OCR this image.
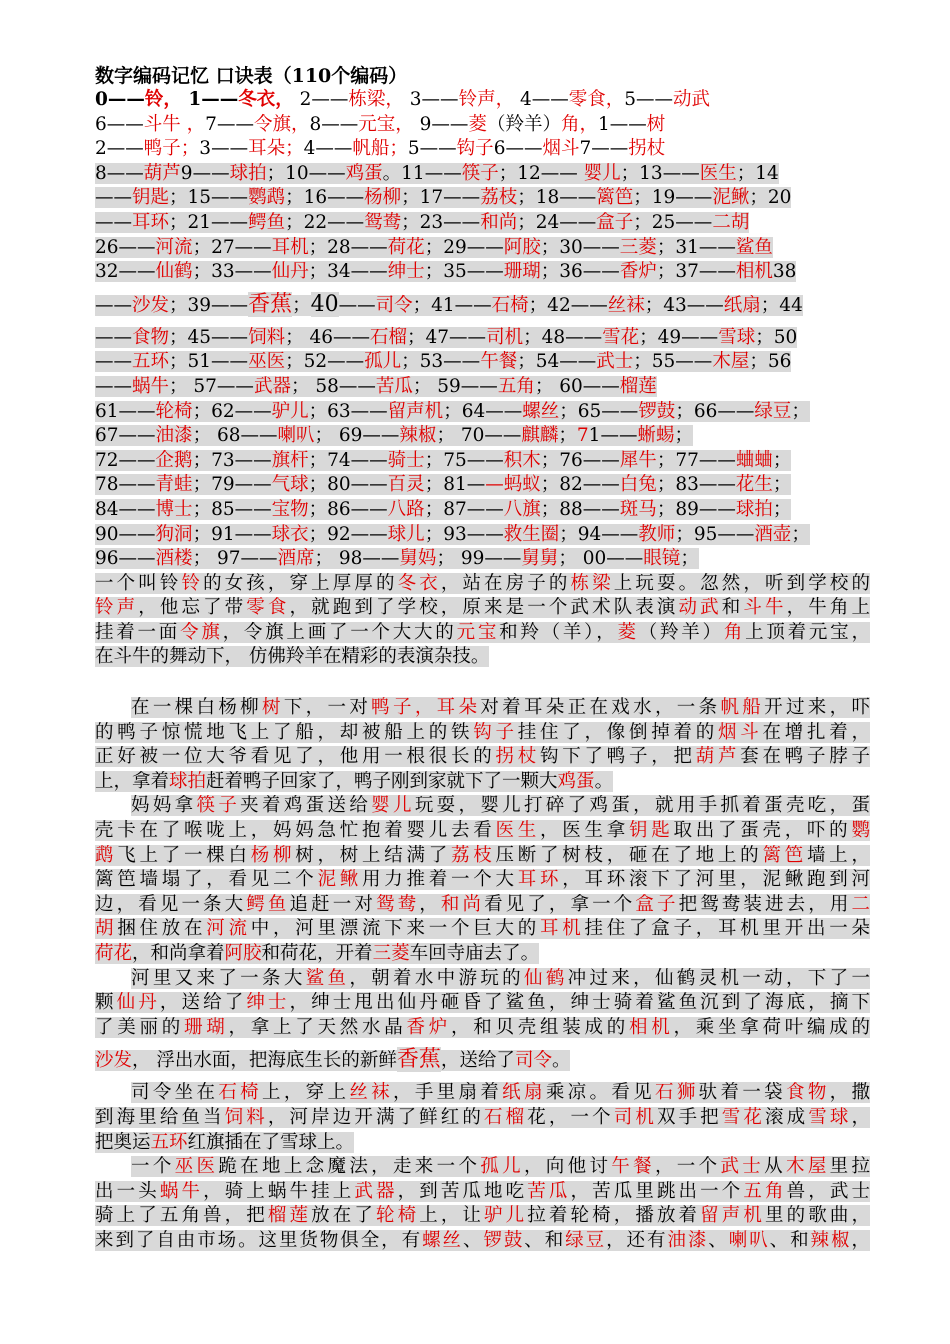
数字编码记忆 口诀表（110个编码）
0——铃， 1——冬衣， 2——栋梁， 3——铃声， 4——零食，5——动武
6——斗牛 ，7——令旗，8——元宝， 9——菱（羚羊）角，1——树
2——鸭子；3——耳朵；4——帆船；5——钩子6——烟斗7——拐杖
8——葫芦9——球拍；10——鸡蛋。11——筷子；12—— 婴儿；13——医生；14
——钥匙；15——鹦鹉；16——杨柳；17——荔枝；18——篱笆；19——泥鳅；20
——耳环；21——鳄鱼；22——鸳鸯；23——和尚；24——盒子；25——二胡
26——河流；27——耳机；28——荷花；29——阿胶；30——三菱；31——鲨鱼
32——仙鹤；33——仙丹；34——绅士；35——珊瑚；36——香炉；37——相机38
——沙发；39——香蕉；40——司令；41——石椅；42——丝袜；43——纸扇；44
——食物；45——饲料； 46——石榴；47——司机；48——雪花；49——雪球；50
——五环；51——巫医；52——孤儿；53——午餐；54——武士；55——木屋；56
——蜗牛； 57——武器； 58——苦瓜； 59——五角； 60——榴莲
61——轮椅；62——驴儿；63——留声机；64——螺丝；65——锣鼓；66——绿豆；
67——油漆； 68——喇叭； 69——辣椒； 70——麒麟；71——蜥蜴；
72——企鹅；73——旗杆；74——骑士；75——积木；76——犀牛；77——蛐蛐；
78——青蛙；79——气球；80——百灵；81——蚂蚁；82——白兔；83——花生；
84——博士；85——宝物；86——八路；87——八旗；88——斑马；89——球拍；
90——狗洞；91——球衣；92——球儿；93——救生圈；94——教师；95——酒壶；
96——酒楼； 97——酒席； 98——舅妈； 99——舅舅； 00——眼镜；
一个叫铃铃的女孩，穿上厚厚的冬衣，站在房子的栋梁上玩耍。忽然，听到学校的
铃声，他忘了带零食，就跑到了学校，原来是一个武术队表演动武和斗牛，牛角上
挂着一面令旗，令旗上画了一个大大的元宝和羚（羊），菱（羚羊）角上顶着元宝，
在斗牛的舞动下， 仿佛羚羊在精彩的表演杂技。
在一棵白杨柳树下，一对鸭子，耳朵对着耳朵正在戏水，一条帆船开过来，吓
的鸭子惊慌地飞上了船，却被船上的铁钩子挂住了，像倒掉着的烟斗在增扎着，
正好被一位大爷看见了，他用一根很长的拐杖钩下了鸭子，把葫芦套在鸭子脖子
上，拿着球拍赶着鸭子回家了，鸭子刚到家就下了一颗大鸡蛋。
妈妈拿筷子夹着鸡蛋送给婴儿玩耍，婴儿打碎了鸡蛋，就用手抓着蛋壳吃，蛋
壳卡在了喉咙上，妈妈急忙抱着婴儿去看医生，医生拿钥匙取出了蛋壳，吓的鹦
鹉飞上了一棵白杨柳树，树上结满了荔枝压断了树枝，砸在了地上的篱笆墙上，
篱笆墙塌了，看见二个泥鳅用力推着一个大耳环，耳环滚下了河里，泥鳅跑到河
边，看见一条大鳄鱼追赶一对鸳鸯，和尚看见了，拿一个盒子把鸳鸯装进去，用二
胡捆住放在河流中，河里漂流下来一个巨大的耳机挂住了盒子，耳机里开出一朵
荷花，和尚拿着阿胶和荷花，开着三菱车回寺庙去了。
河里又来了一条大鲨鱼，朝着水中游玩的仙鹤冲过来，仙鹤灵机一动，下了一
颗仙丹，送给了绅士，绅士甩出仙丹砸昏了鲨鱼，绅士骑着鲨鱼沉到了海底，摘下
了美丽的珊瑚，拿上了天然水晶香炉，和贝壳组装成的相机，乘坐拿荷叶编成的
沙发， 浮出水面，把海底生长的新鲜香蕉，送给了司令。
司令坐在石椅上，穿上丝袜，手里扇着纸扇乘凉。看见石狮驮着一袋食物，撒
到海里给鱼当饲料，河岸边开满了鲜红的石榴花，一个司机双手把雪花滚成雪球，
把奥运五环红旗插在了雪球上。
一个巫医跪在地上念魔法，走来一个孤儿，向他讨午餐，一个武士从木屋里拉
出一头蜗牛，骑上蜗牛挂上武器，到苦瓜地吃苦瓜，苦瓜里跳出一个五角兽，武士
骑上了五角兽，把榴莲放在了轮椅上，让驴儿拉着轮椅，播放着留声机里的歌曲，
来到了自由市场。这里货物俱全，有螺丝、锣鼓、和绿豆，还有油漆、喇叭、和辣椒，
